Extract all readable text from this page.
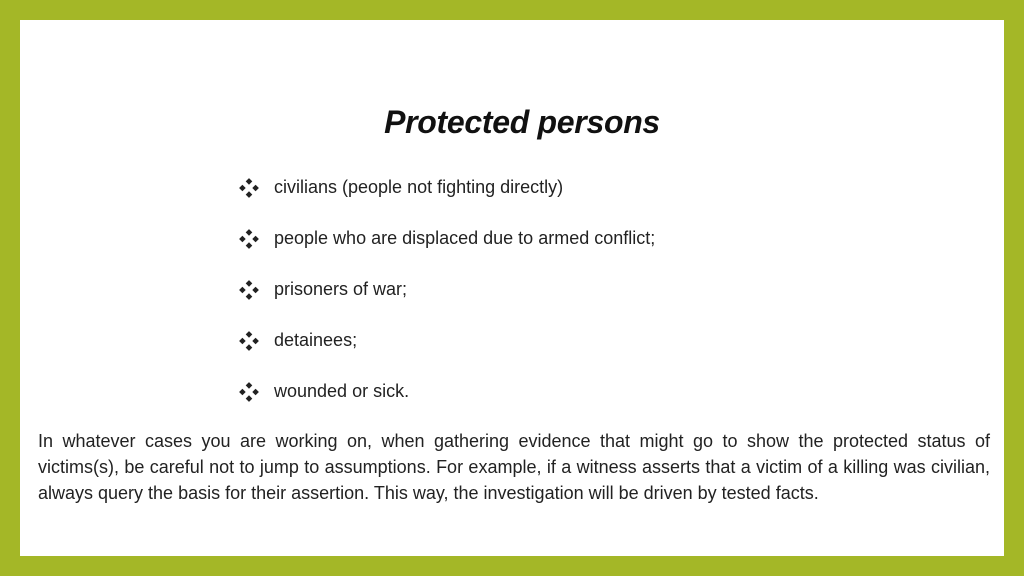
Protected persons
civilians (people not fighting directly)
people who are displaced due to armed conflict;
prisoners of war;
detainees;
wounded or sick.

In whatever cases you are working on, when gathering evidence that might go to show the protected status of victims(s), be careful not to jump to assumptions. For example, if a witness asserts that a victim of a killing was civilian, always query the basis for their assertion. This way, the investigation will be driven by tested facts.
